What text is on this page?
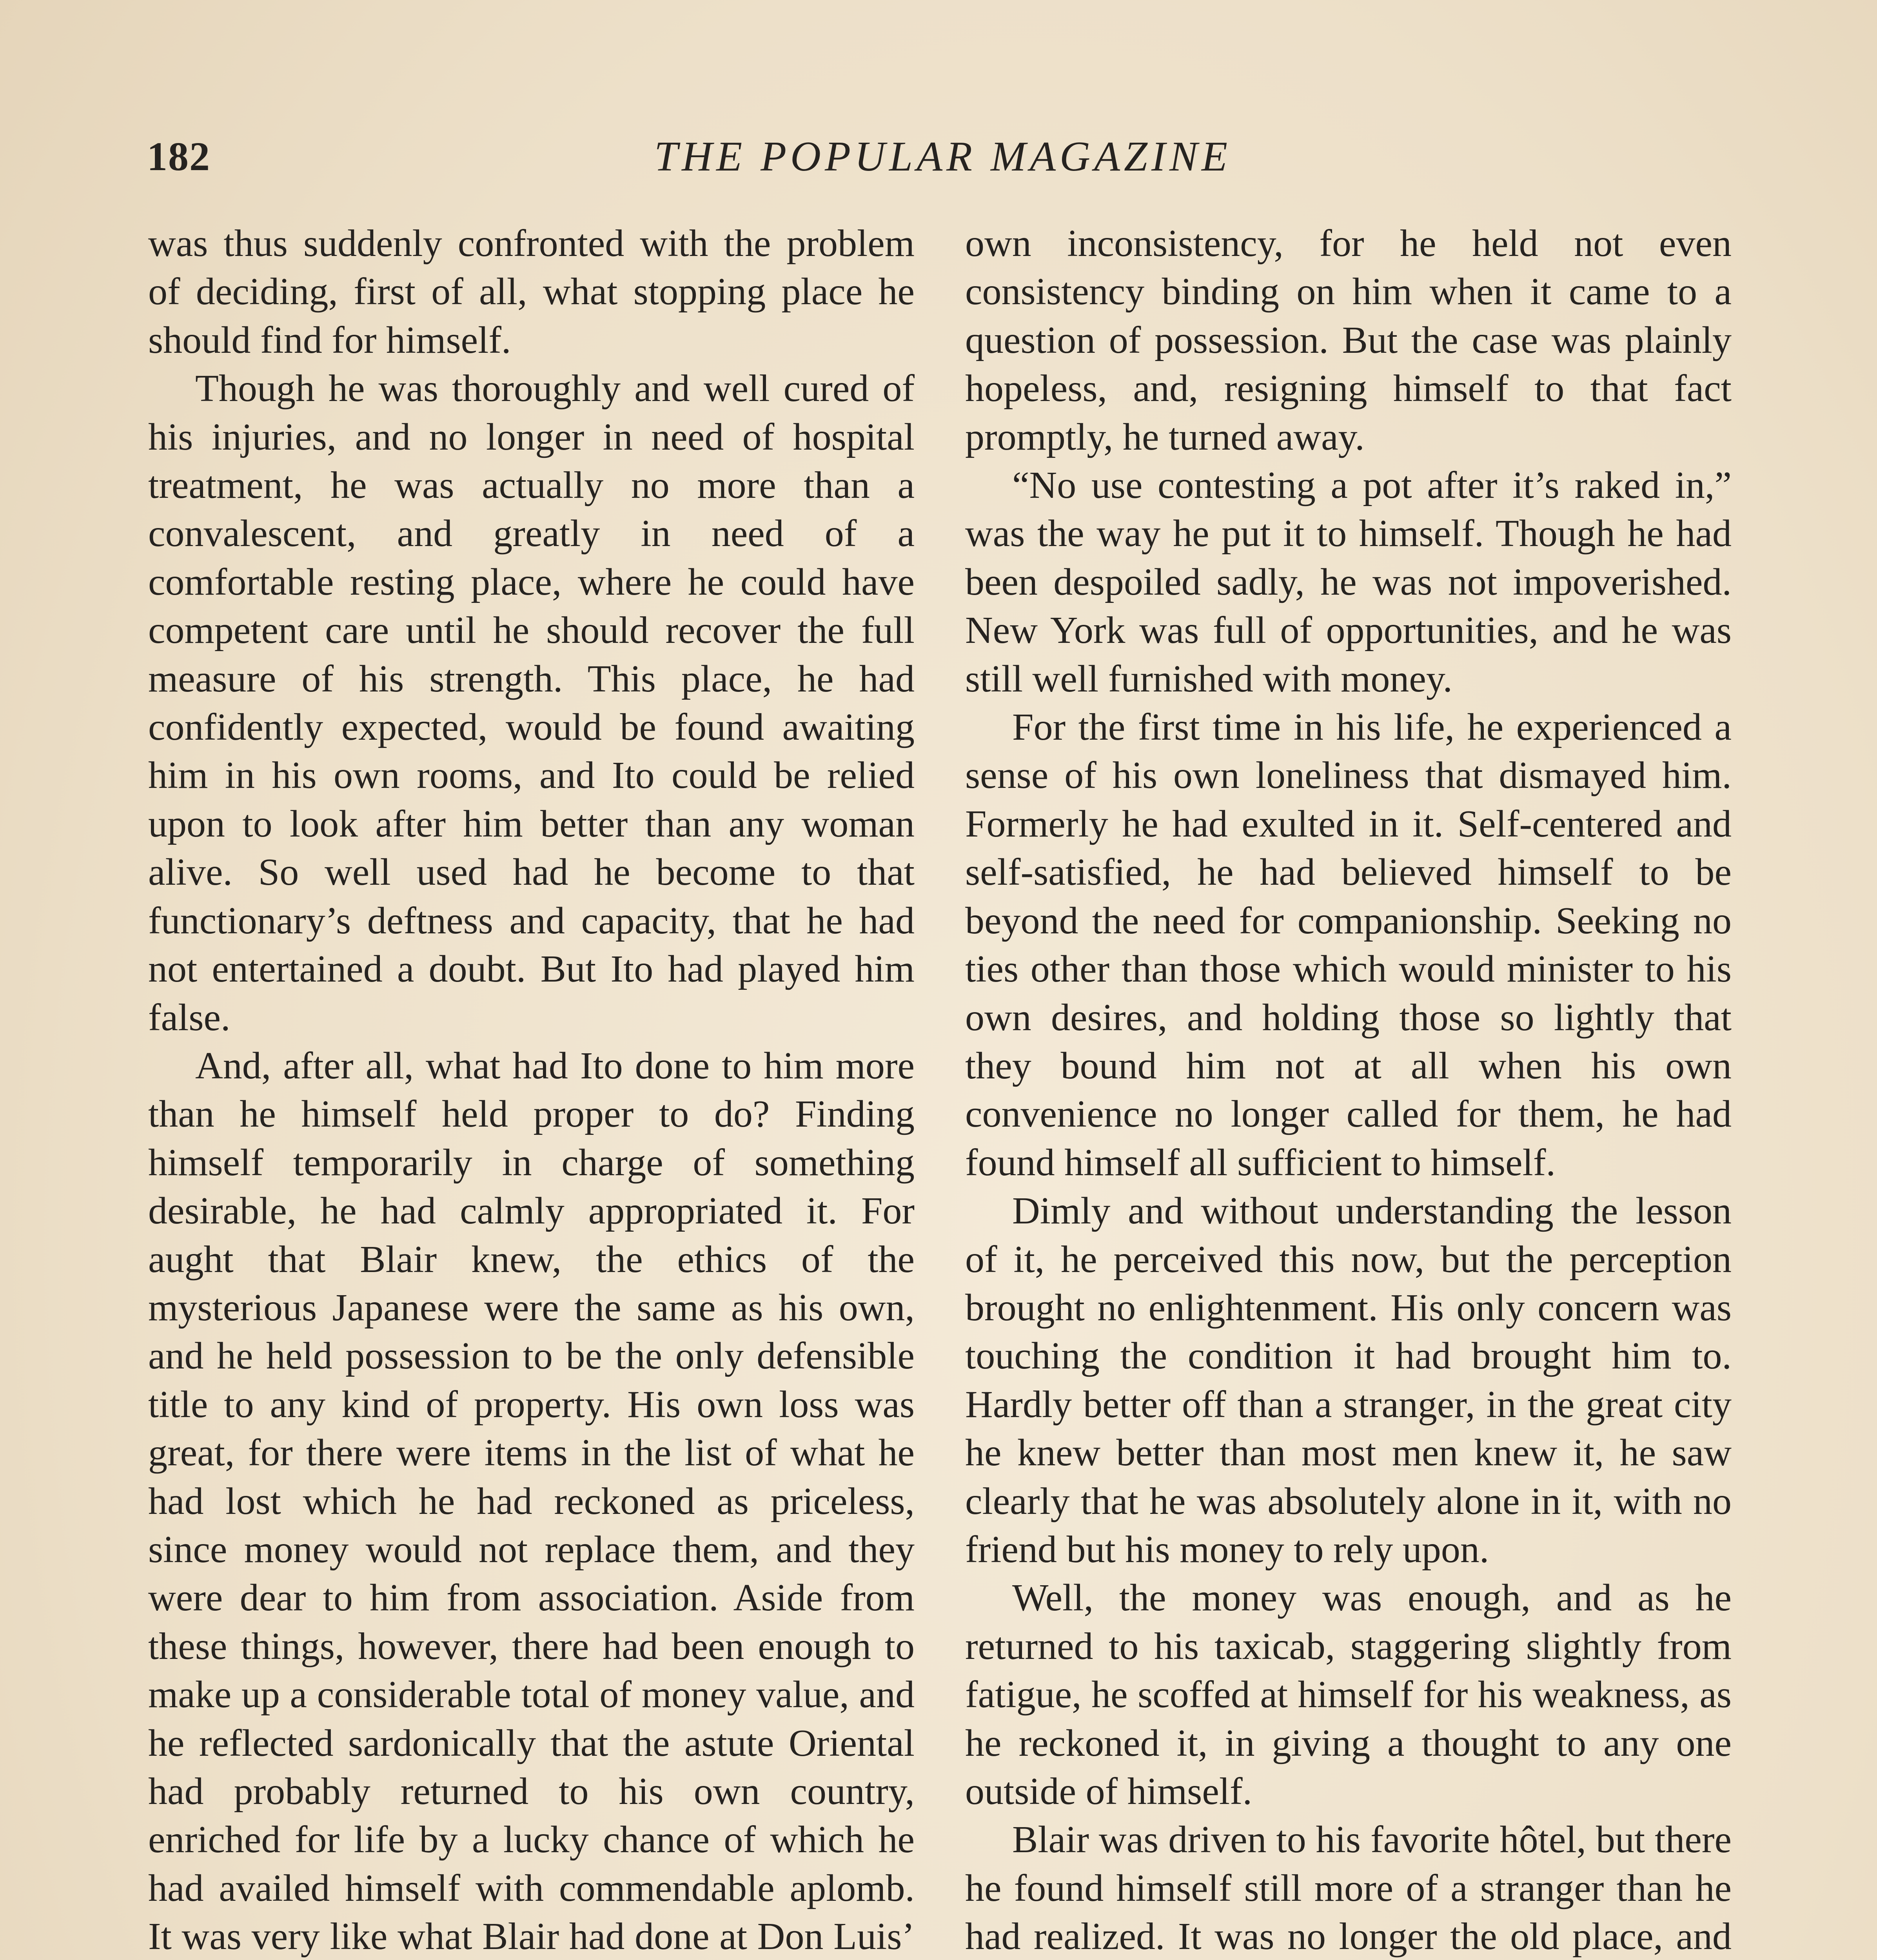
182	THE POPULAR MAGAZINE

was thus suddenly confronted with the problem of deciding, first of all, what stopping place he should find for himself.

Though he was thoroughly and well cured of his injuries, and no longer in need of hospital treatment, he was actually no more than a convalescent, and greatly in need of a comfortable resting place, where he could have competent care until he should recover the full measure of his strength. This place, he had confidently expected, would be found awaiting him in his own rooms, and Ito could be relied upon to look after him better than any woman alive. So well used had he become to that functionary’s deftness and capacity, that he had not entertained a doubt. But Ito had played him false.

And, after all, what had Ito done to him more than he himself held proper to do? Finding himself temporarily in charge of something desirable, he had calmly appropriated it. For aught that Blair knew, the ethics of the mysterious Japanese were the same as his own, and he held possession to be the only defensible title to any kind of property. His own loss was great, for there were items in the list of what he had lost which he had reckoned as priceless, since money would not replace them, and they were dear to him from association. Aside from these things, however, there had been enough to make up a considerable total of money value, and he reflected sardonically that the astute Oriental had probably returned to his own country, enriched for life by a lucky chance of which he had availed himself with commendable aplomb. It was very like what Blair had done at Don Luis’

own inconsistency, for he held not even consistency binding on him when it came to a question of possession. But the case was plainly hopeless, and, resigning himself to that fact promptly, he turned away.

“No use contesting a pot after it’s raked in,” was the way he put it to himself. Though he had been despoiled sadly, he was not impoverished. New York was full of opportunities, and he was still well furnished with money.

For the first time in his life, he experienced a sense of his own loneliness that dismayed him. Formerly he had exulted in it. Self-centered and self-satisfied, he had believed himself to be beyond the need for companionship. Seeking no ties other than those which would minister to his own desires, and holding those so lightly that they bound him not at all when his own convenience no longer called for them, he had found himself all sufficient to himself.

Dimly and without understanding the lesson of it, he perceived this now, but the perception brought no enlightenment. His only concern was touching the condition it had brought him to. Hardly better off than a stranger, in the great city he knew better than most men knew it, he saw clearly that he was absolutely alone in it, with no friend but his money to rely upon.

Well, the money was enough, and as he returned to his taxicab, staggering slightly from fatigue, he scoffed at himself for his weakness, as he reckoned it, in giving a thought to any one outside of himself.

Blair was driven to his favorite hôtel, but there he found himself still more of a stranger than he had realized. It was no longer the old place, and
